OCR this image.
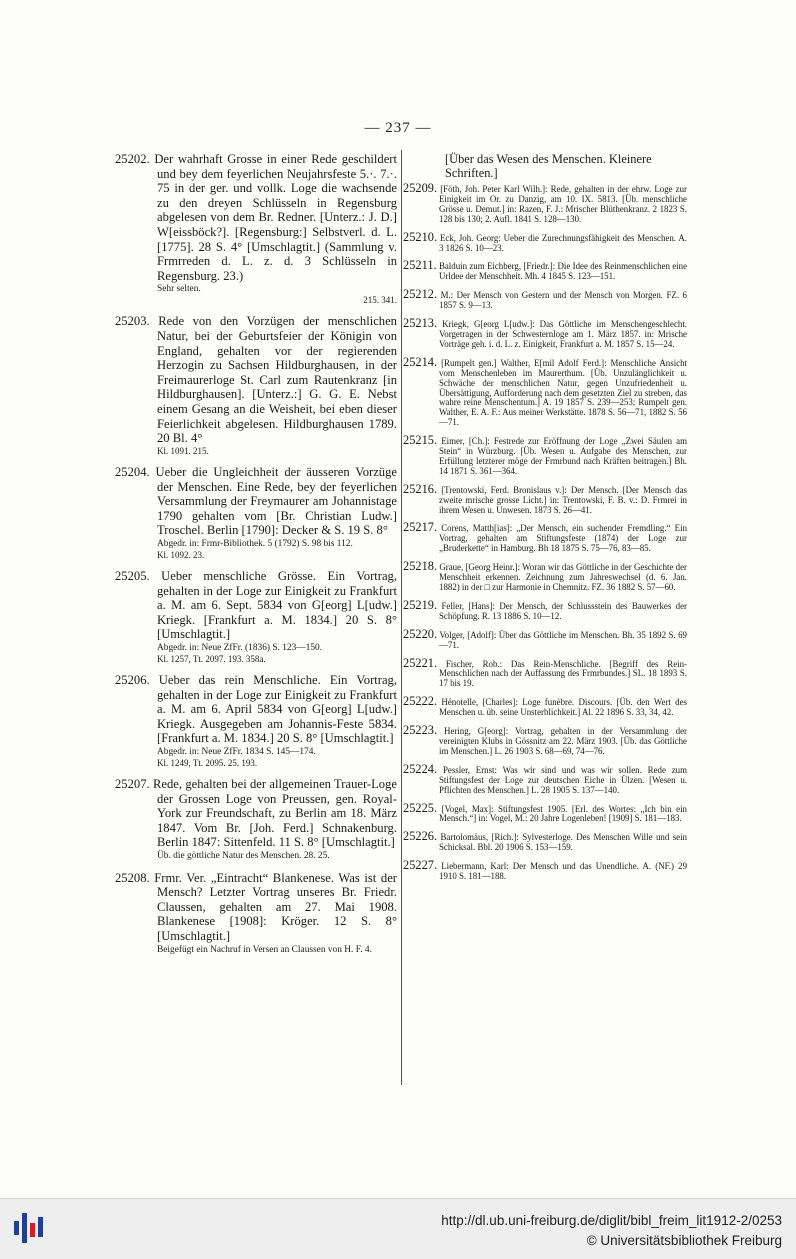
— 237 —

25202. Der wahrhaft Grosse in einer Rede geschildert und bey dem feyerlichen Neujahrsfeste 5.·. 7.·. 75 in der ger. und vollk. Loge die wachsende zu den dreyen Schlüsseln in Regensburg abgelesen von dem Br. Redner. [Unterz.: J. D.] W[eissböck?]. [Regensburg:] Selbstverl. d. L. [1775]. 28 S. 4° [Umschlagtit.] (Sammlung v. Frmrreden d. L. z. d. 3 Schlüsseln in Regensburg. 23.)
Sehr selten.
215. 341.

25203. Rede von den Vorzügen der menschlichen Natur, bei der Geburtsfeier der Königin von England, gehalten vor der regierenden Herzogin zu Sachsen Hildburghausen, in der Freimaurerloge St. Carl zum Rautenkranz [in Hildburghausen]. [Unterz.:] G. G. E. Nebst einem Gesang an die Weisheit, bei eben dieser Feierlichkeit abgelesen. Hildburghausen 1789. 20 Bl. 4°
Kl. 1091. 215.

25204. Ueber die Ungleichheit der äusseren Vorzüge der Menschen. Eine Rede, bey der feyerlichen Versammlung der Freymaurer am Johannistage 1790 gehalten vom [Br. Christian Ludw.] Troschel. Berlin [1790]: Decker & S. 19 S. 8°
Abgedr. in: Frmr-Bibliothek. 5 (1792) S. 98 bis 112.
Kl. 1092. 23.

25205. Ueber menschliche Grösse. Ein Vortrag, gehalten in der Loge zur Einigkeit zu Frankfurt a. M. am 6. Sept. 5834 von G[eorg] L[udw.] Kriegk. [Frankfurt a. M. 1834.] 20 S. 8° [Umschlagtit.]
Abgedr. in: Neue ZfFr. (1836) S. 123—150.
Kl. 1257, Tt. 2097. 193. 358a.

25206. Ueber das rein Menschliche. Ein Vortrag, gehalten in der Loge zur Einigkeit zu Frankfurt a. M. am 6. April 5834 von G[eorg] L[udw.] Kriegk. Ausgegeben am Johannis-Feste 5834. [Frankfurt a. M. 1834.] 20 S. 8° [Umschlagtit.]
Abgedr. in: Neue ZfFr. 1834 S. 145—174.
Kl. 1249, Tt. 2095. 25. 193.

25207. Rede, gehalten bei der allgemeinen Trauer-Loge der Grossen Loge von Preussen, gen. Royal-York zur Freundschaft, zu Berlin am 18. März 1847. Vom Br. [Joh. Ferd.] Schnakenburg. Berlin 1847: Sittenfeld. 11 S. 8° [Umschlagtit.]
Üb. die göttliche Natur des Menschen. 28. 25.

25208. Frmr. Ver. „Eintracht“ Blankenese. Was ist der Mensch? Letzter Vortrag unseres Br. Friedr. Claussen, gehalten am 27. Mai 1908. Blankenese [1908]: Kröger. 12 S. 8° [Umschlagtit.]
Beigefügt ein Nachruf in Versen an Claussen von H. F. 4.

[Über das Wesen des Menschen. Kleinere Schriften.]

25209. [Föth, Joh. Peter Karl Wilh.]: Rede, gehalten in der ehrw. Loge zur Einigkeit im Or. zu Danzig, am 10. IX. 5813. [Üb. menschliche Grösse u. Demut.] in: Razen, F. J.: Mrischer Blüthenkranz. 2 1823 S. 128 bis 130; 2. Aufl. 1841 S. 128—130.

25210. Eck, Joh. Georg: Ueber die Zurechnungsfähigkeit des Menschen. A. 3 1826 S. 10—23.

25211. Balduin zum Eichberg, [Friedr.]: Die Idee des Reinmenschlichen eine Urldee der Menschheit. Mh. 4 1845 S. 123—151.

25212. M.: Der Mensch von Gestern und der Mensch von Morgen. FZ. 6 1857 S. 9—13.

25213. Kriegk, G[eorg L[udw.]: Das Göttliche im Menschengeschlecht. Vorgetragen in der Schwesternloge am 1. März 1857. in: Mrische Vorträge geh. i. d. L. z. Einigkeit, Frankfurt a. M. 1857 S. 15—24.

25214. [Rumpelt gen.] Walther, E[mil Adolf Ferd.]: Menschliche Ansicht vom Menschenleben im Maurerthum. [Üb. Unzulänglichkeit u. Schwäche der menschlichen Natur, gegen Unzufriedenheit u. Übersättigung, Aufforderung nach dem gesetzten Ziel zu streben, das wahre reine Menschentum.] A. 19 1857 S. 239—253; Rumpelt gen. Walther, E. A. F.: Aus meiner Werkstätte. 1878 S. 56—71, 1882 S. 56—71.

25215. Eimer, [Ch.]: Festrede zur Eröffnung der Loge „Zwei Säulen am Stein“ in Würzburg. [Üb. Wesen u. Aufgabe des Menschen, zur Erfüllung letzterer möge der Frmrbund nach Kräften beitragen.] Bh. 14 1871 S. 361—364.

25216. [Trentowski, Ferd. Bronislaus v.]: Der Mensch. [Der Mensch das zweite mrische grosse Licht.] in: Trentowski, F. B. v.: D. Frmrei in ihrem Wesen u. Unwesen. 1873 S. 26—41.

25217. Corens, Matth[ias]: „Der Mensch, ein suchender Fremdling.“ Ein Vortrag, gehalten am Stiftungsfeste (1874) der Loge zur „Bruderkette“ in Hamburg. Bh 18 1875 S. 75—76, 83—85.

25218. Graue, [Georg Heinr.]: Woran wir das Göttliche in der Geschichte der Menschheit erkennen. Zeichnung zum Jahreswechsel (d. 6. Jan. 1882) in der □ zur Harmonie in Chemnitz. FZ. 36 1882 S. 57—60.

25219. Feller, [Hans]: Der Mensch, der Schlussstein des Bauwerkes der Schöpfung. R. 13 1886 S. 10—12.

25220. Volger, [Adolf]: Über das Göttliche im Menschen. Bh. 35 1892 S. 69—71.

25221. Fischer, Rob.: Das Rein-Menschliche. [Begriff des Rein-Menschlichen nach der Auffassung des Frmrbundes.] SL. 18 1893 S. 17 bis 19.

25222. Hénotelle, [Charles]: Loge funèbre. Discours. [Üb. den Wert des Menschen u. üb. seine Unsterblichkeit.] Al. 22 1896 S. 33, 34, 42.

25223. Hering, G[eorg]: Vortrag, gehalten in der Versammlung der vereinigten Klubs in Gössnitz am 22. März 1903. [Üb. das Göttliche im Menschen.] L. 26 1903 S. 68—69, 74—76.

25224. Pessler, Ernst: Was wir sind und was wir sollen. Rede zum Stiftungsfest der Loge zur deutschen Eiche in Ülzen. [Wesen u. Pflichten des Menschen.] L. 28 1905 S. 137—140.

25225. [Vogel, Max]: Stiftungsfest 1905. [Erl. des Wortes: „Ich bin ein Mensch.“] in: Vogel, M.: 20 Jahre Logenleben! [1909] S. 181—183.

25226. Bartolomäus, [Rich.]: Sylvesterloge. Des Menschen Wille und sein Schicksal. Bbl. 20 1906 S. 153—159.

25227. Liebermann, Karl: Der Mensch und das Unendliche. A. (NF.) 29 1910 S. 181—188.

http://dl.ub.uni-freiburg.de/diglit/bibl_freim_lit1912-2/0253
© Universitätsbibliothek Freiburg
